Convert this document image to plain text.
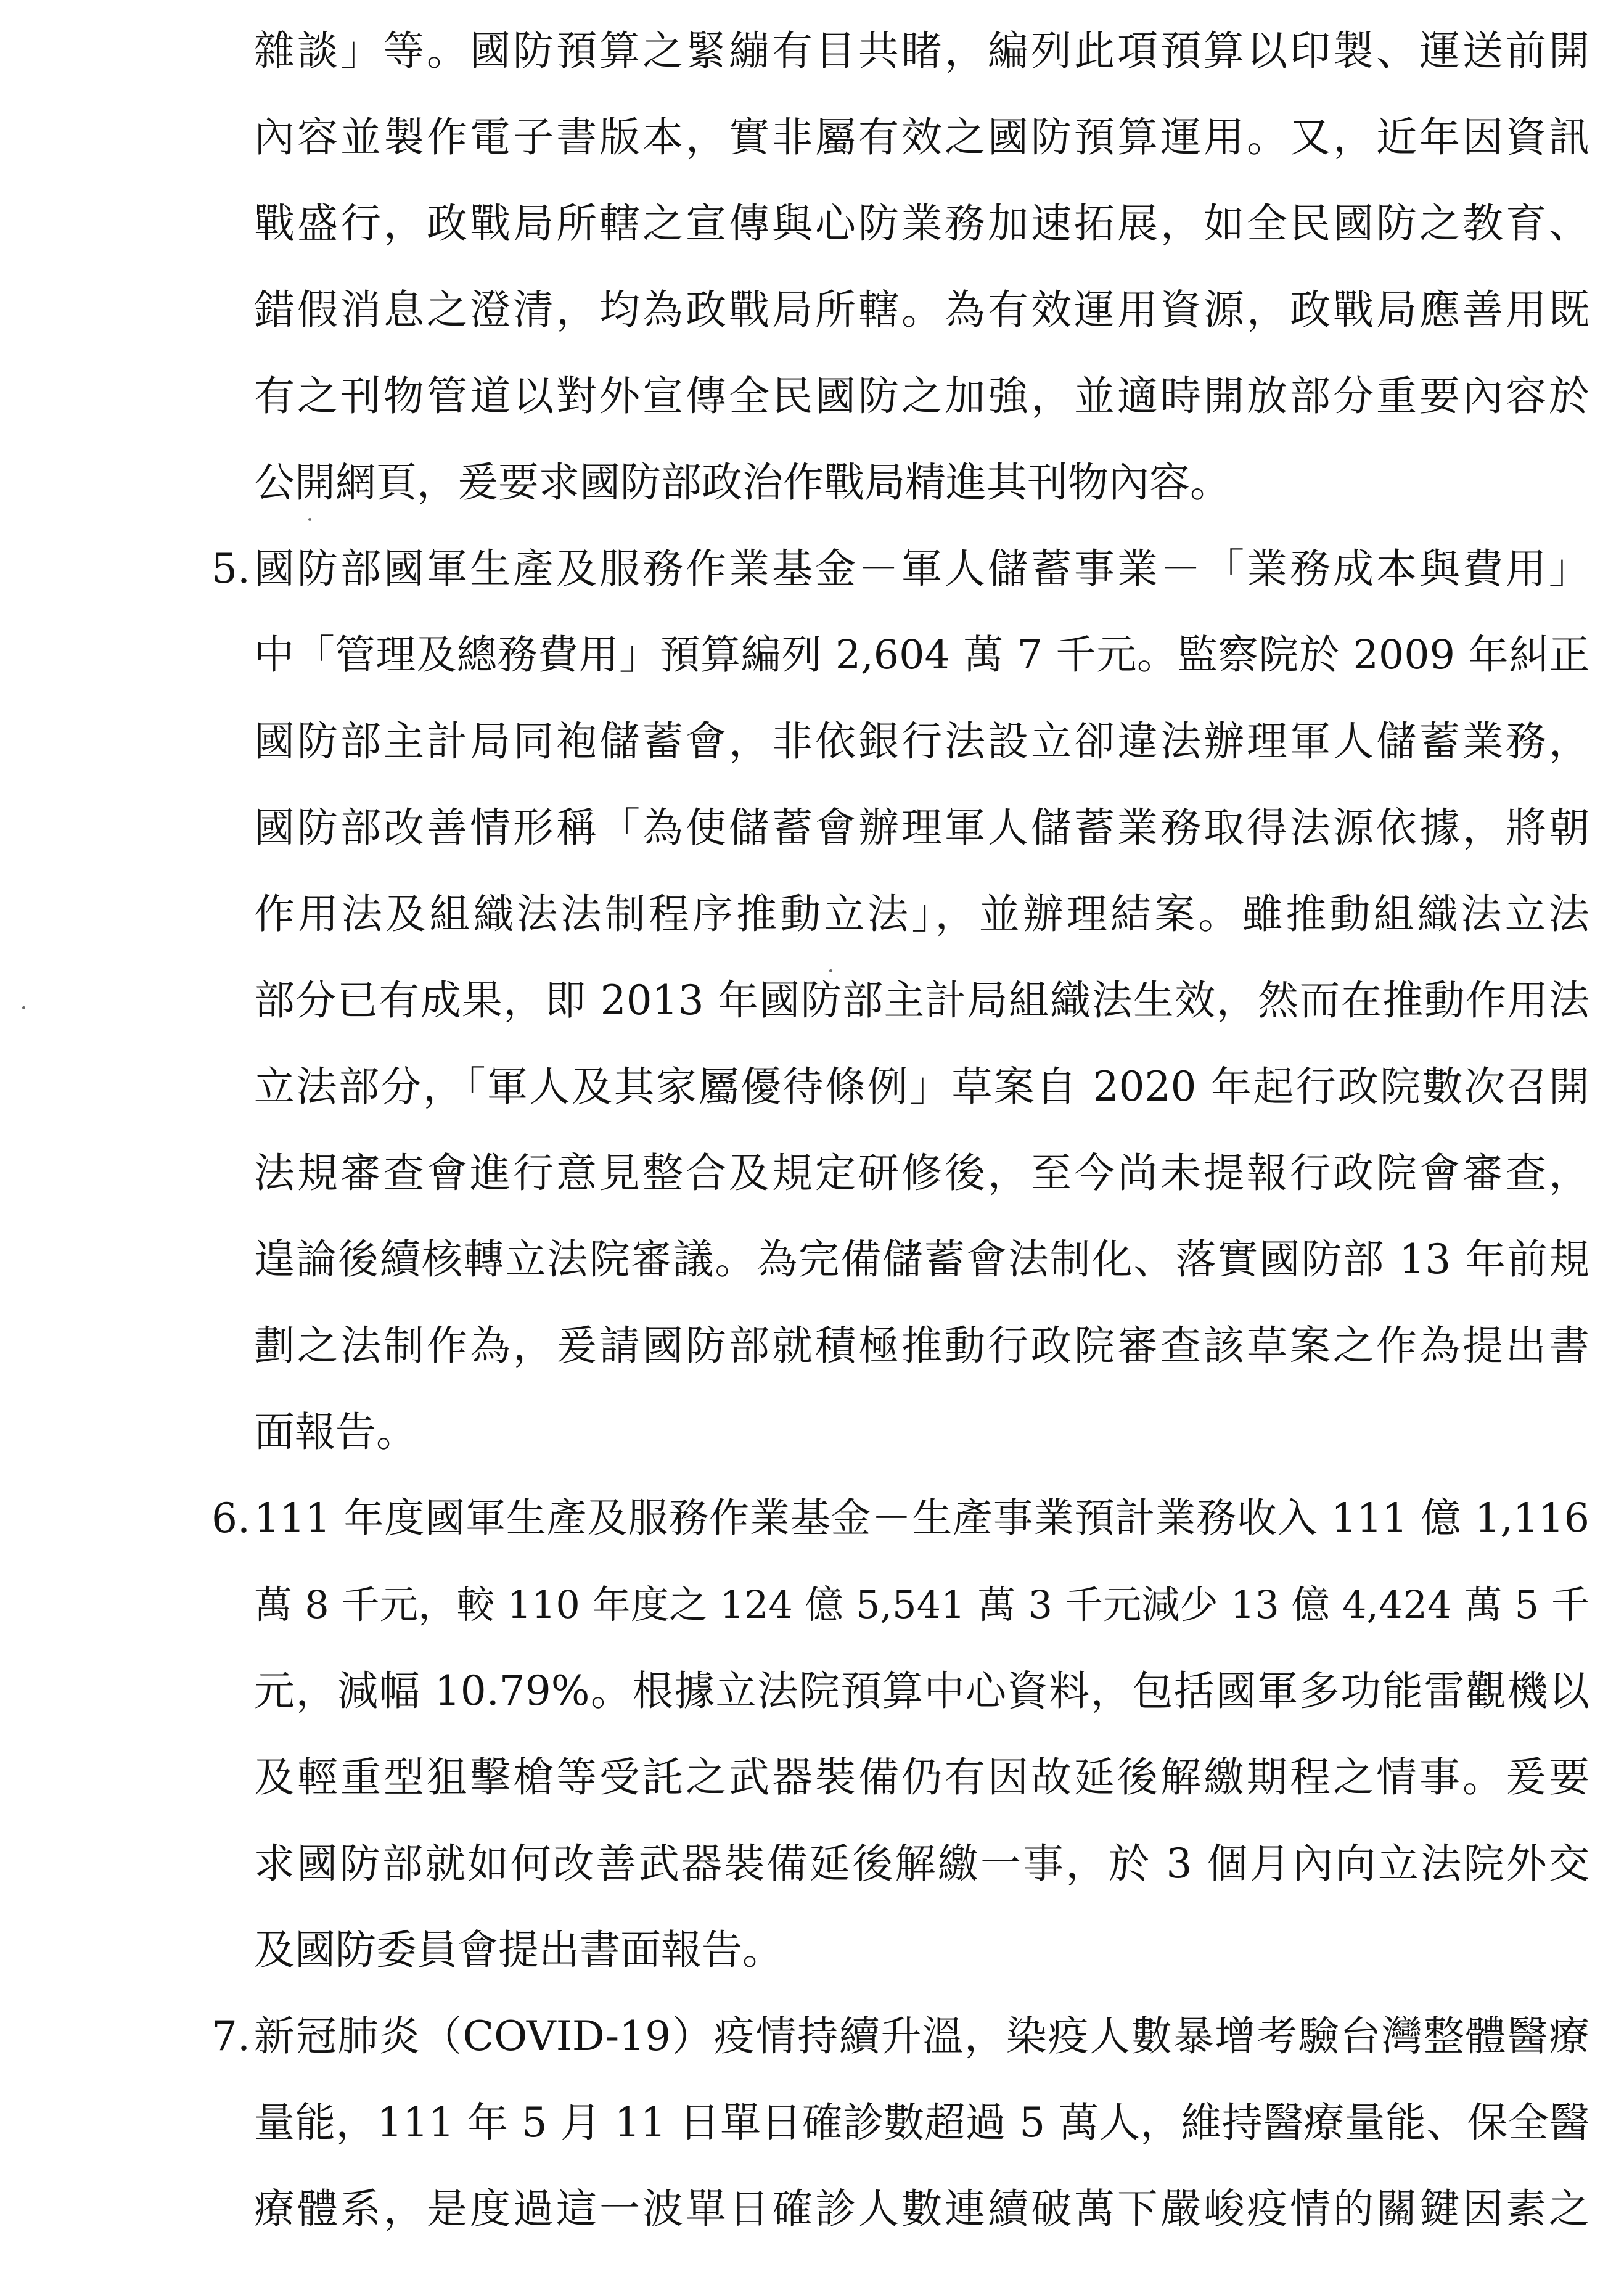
雜談」等。國防預算之緊繃有目共睹，編列此項預算以印製、運送前開
內容並製作電子書版本，實非屬有效之國防預算運用。又，近年因資訊
戰盛行，政戰局所轄之宣傳與心防業務加速拓展，如全民國防之教育、
錯假消息之澄清，均為政戰局所轄。為有效運用資源，政戰局應善用既
有之刊物管道以對外宣傳全民國防之加強，並適時開放部分重要內容於
公開網頁，爰要求國防部政治作戰局精進其刊物內容。
5. 國防部國軍生產及服務作業基金－軍人儲蓄事業－「業務成本與費用」
中「管理及總務費用」預算編列 2,604 萬 7 千元。監察院於 2009 年糾正
國防部主計局同袍儲蓄會，非依銀行法設立卻違法辦理軍人儲蓄業務，
國防部改善情形稱「為使儲蓄會辦理軍人儲蓄業務取得法源依據，將朝
作用法及組織法法制程序推動立法」，並辦理結案。雖推動組織法立法
部分已有成果，即 2013 年國防部主計局組織法生效，然而在推動作用法
立法部分，「軍人及其家屬優待條例」草案自 2020 年起行政院數次召開
法規審查會進行意見整合及規定研修後，至今尚未提報行政院會審查，
遑論後續核轉立法院審議。為完備儲蓄會法制化、落實國防部 13 年前規
劃之法制作為，爰請國防部就積極推動行政院審查該草案之作為提出書
面報告。
6. 111 年度國軍生產及服務作業基金－生產事業預計業務收入 111 億 1,116
萬 8 千元，較 110 年度之 124 億 5,541 萬 3 千元減少 13 億 4,424 萬 5 千
元，減幅 10.79%。根據立法院預算中心資料，包括國軍多功能雷觀機以
及輕重型狙擊槍等受託之武器裝備仍有因故延後解繳期程之情事。爰要
求國防部就如何改善武器裝備延後解繳一事，於 3 個月內向立法院外交
及國防委員會提出書面報告。
7. 新冠肺炎（COVID-19）疫情持續升溫，染疫人數暴增考驗台灣整體醫療
量能，111 年 5 月 11 日單日確診數超過 5 萬人，維持醫療量能、保全醫
療體系，是度過這一波單日確診人數連續破萬下嚴峻疫情的關鍵因素之
